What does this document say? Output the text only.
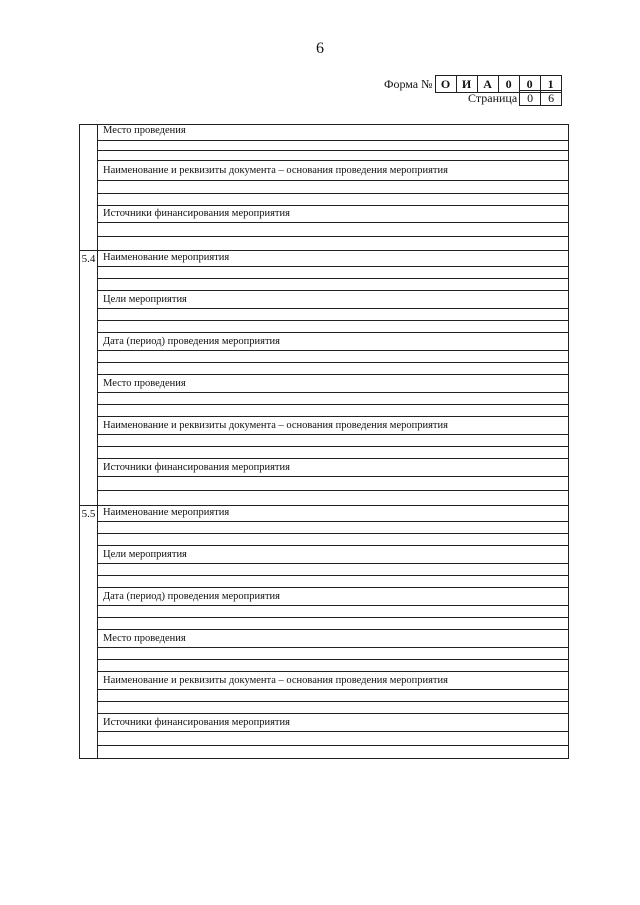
6
Форма № О И А	0	0	1
Страница 0	6
Место проведения
Наименование и реквизиты документа – основания проведения мероприятия
Источники финансирования мероприятия
5.4 Наименование мероприятия
Цели мероприятия
Дата (период) проведения мероприятия
Место проведения
Наименование и реквизиты документа – основания проведения мероприятия
Источники финансирования мероприятия
5.5 Наименование мероприятия
Цели мероприятия
Дата (период) проведения мероприятия
Место проведения
Наименование и реквизиты документа – основания проведения мероприятия
Источники финансирования мероприятия
